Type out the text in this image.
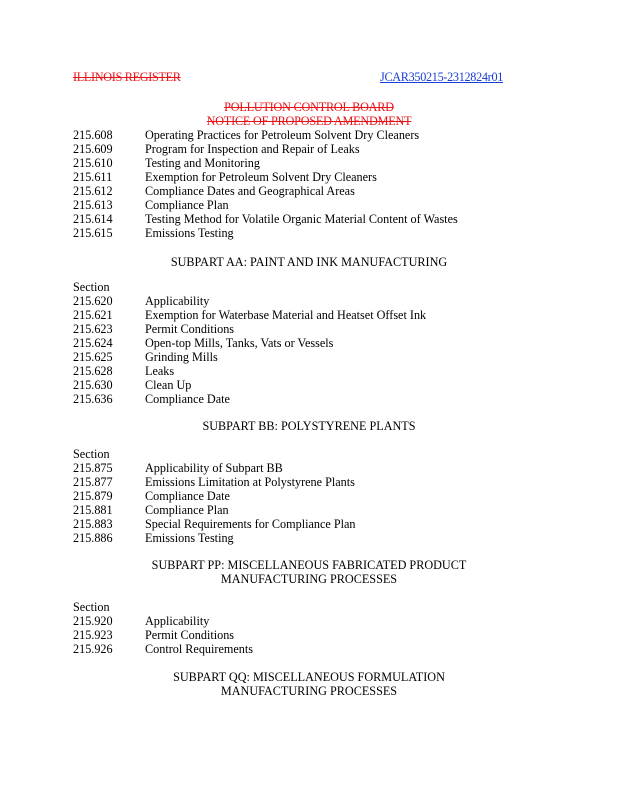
ILLINOIS REGISTER	JCAR350215-2312824r01
POLLUTION CONTROL BOARD
NOTICE OF PROPOSED AMENDMENT
215.608	Operating Practices for Petroleum Solvent Dry Cleaners
215.609	Program for Inspection and Repair of Leaks
215.610	Testing and Monitoring
215.611	Exemption for Petroleum Solvent Dry Cleaners
215.612	Compliance Dates and Geographical Areas
215.613	Compliance Plan
215.614	Testing Method for Volatile Organic Material Content of Wastes
215.615	Emissions Testing
SUBPART AA: PAINT AND INK MANUFACTURING
Section
215.620	Applicability
215.621	Exemption for Waterbase Material and Heatset Offset Ink
215.623	Permit Conditions
215.624	Open-top Mills, Tanks, Vats or Vessels
215.625	Grinding Mills
215.628	Leaks
215.630	Clean Up
215.636	Compliance Date
SUBPART BB: POLYSTYRENE PLANTS
Section
215.875	Applicability of Subpart BB
215.877	Emissions Limitation at Polystyrene Plants
215.879	Compliance Date
215.881	Compliance Plan
215.883	Special Requirements for Compliance Plan
215.886	Emissions Testing
SUBPART PP: MISCELLANEOUS FABRICATED PRODUCT
MANUFACTURING PROCESSES
Section
215.920	Applicability
215.923	Permit Conditions
215.926	Control Requirements
SUBPART QQ: MISCELLANEOUS FORMULATION
MANUFACTURING PROCESSES
